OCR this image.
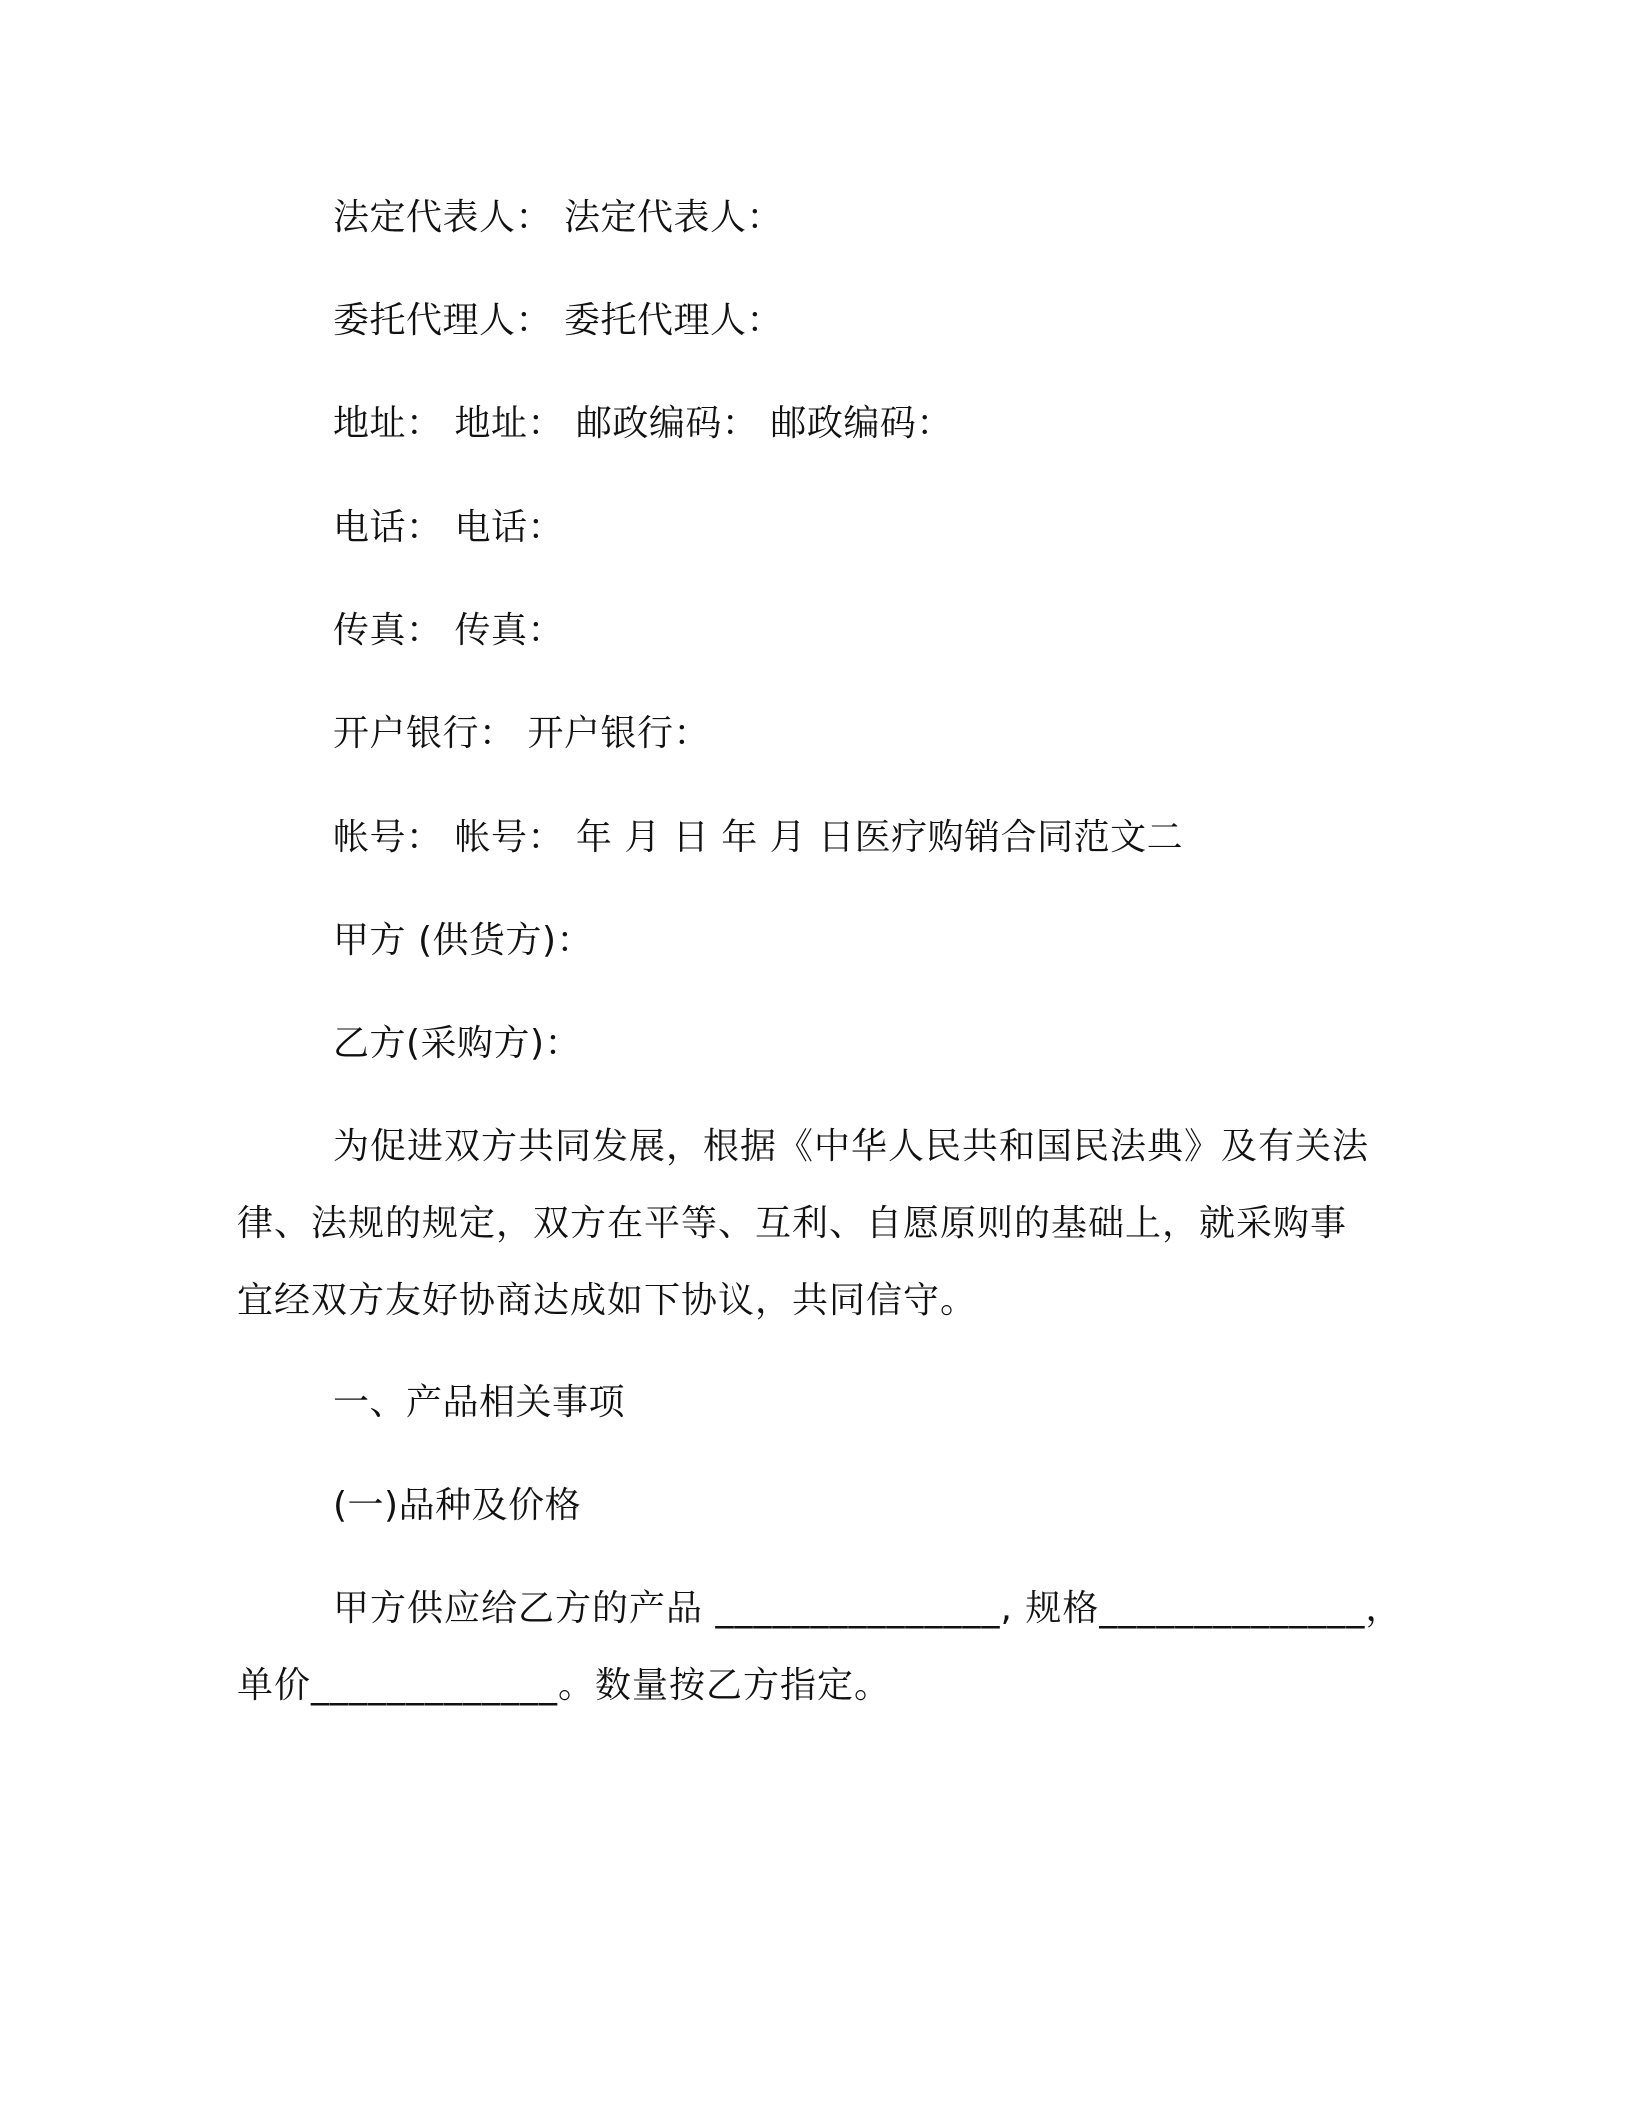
法定代表人： 法定代表人：
委托代理人： 委托代理人：
地址： 地址： 邮政编码： 邮政编码：
电话： 电话：
传真： 传真：
开户银行： 开户银行：
帐号： 帐号： 年 月 日 年 月 日医疗购销合同范文二
甲方 (供货方)：
乙方(采购方)：
为促进双方共同发展，根据《中华人民共和国民法典》及有关法
律、法规的规定，双方在平等、互利、自愿原则的基础上，就采购事
宜经双方友好协商达成如下协议，共同信守。
一、产品相关事项
(一)品种及价格
甲方供应给乙方的产品 _______________, 规格______________，
单价_____________。数量按乙方指定。
